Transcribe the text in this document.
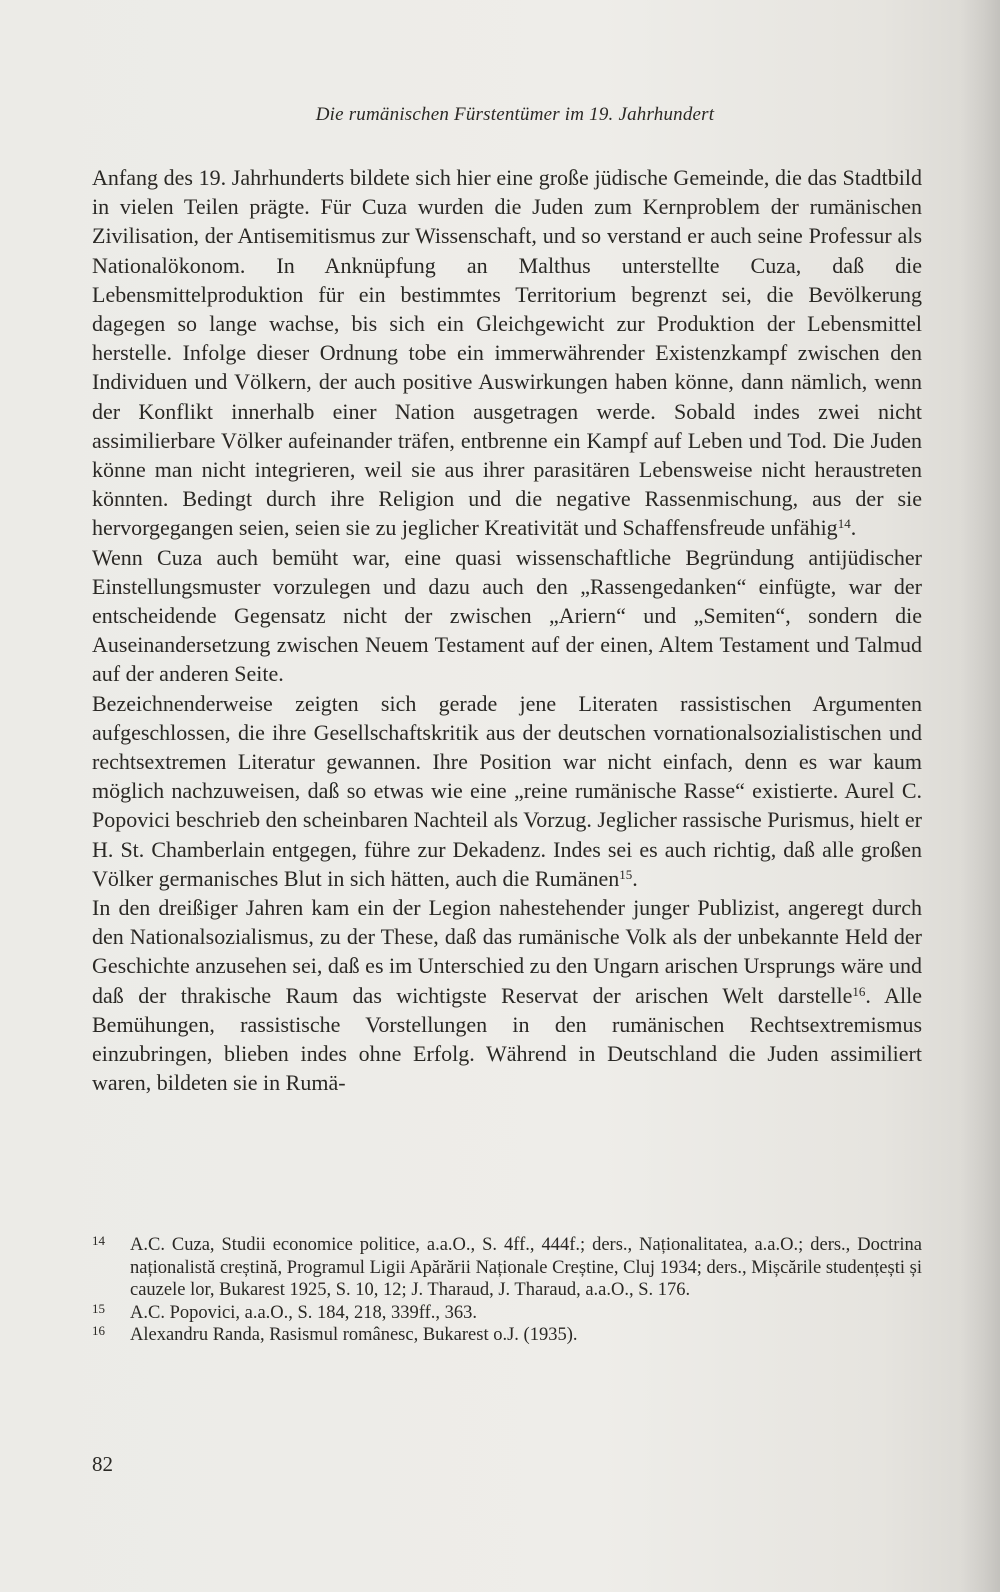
Die rumänischen Fürstentümer im 19. Jahrhundert

Anfang des 19. Jahrhunderts bildete sich hier eine große jüdische Gemeinde, die das Stadtbild in vielen Teilen prägte. Für Cuza wurden die Juden zum Kernproblem der rumänischen Zivilisation, der Antisemitismus zur Wissenschaft, und so verstand er auch seine Professur als Nationalökonom. In Anknüpfung an Malthus unterstellte Cuza, daß die Lebensmittelproduktion für ein bestimmtes Territorium begrenzt sei, die Bevölkerung dagegen so lange wachse, bis sich ein Gleichgewicht zur Produktion der Lebensmittel herstelle. Infolge dieser Ordnung tobe ein immerwährender Existenzkampf zwischen den Individuen und Völkern, der auch positive Auswirkungen haben könne, dann nämlich, wenn der Konflikt innerhalb einer Nation ausgetragen werde. Sobald indes zwei nicht assimilierbare Völker aufeinander träfen, entbrenne ein Kampf auf Leben und Tod. Die Juden könne man nicht integrieren, weil sie aus ihrer parasitären Lebensweise nicht heraustreten könnten. Bedingt durch ihre Religion und die negative Rassenmischung, aus der sie hervorgegangen seien, seien sie zu jeglicher Kreativität und Schaffensfreude unfähig$^{14}$.

Wenn Cuza auch bemüht war, eine quasi wissenschaftliche Begründung antijüdischer Einstellungsmuster vorzulegen und dazu auch den „Rassengedanken“ einfügte, war der entscheidende Gegensatz nicht der zwischen „Ariern“ und „Semiten“, sondern die Auseinandersetzung zwischen Neuem Testament auf der einen, Altem Testament und Talmud auf der anderen Seite.

Bezeichnenderweise zeigten sich gerade jene Literaten rassistischen Argumenten aufgeschlossen, die ihre Gesellschaftskritik aus der deutschen vornationalsozialistischen und rechtsextremen Literatur gewannen. Ihre Position war nicht einfach, denn es war kaum möglich nachzuweisen, daß so etwas wie eine „reine rumänische Rasse“ existierte. Aurel C. Popovici beschrieb den scheinbaren Nachteil als Vorzug. Jeglicher rassische Purismus, hielt er H. St. Chamberlain entgegen, führe zur Dekadenz. Indes sei es auch richtig, daß alle großen Völker germanisches Blut in sich hätten, auch die Rumänen$^{15}$.

In den dreißiger Jahren kam ein der Legion nahestehender junger Publizist, angeregt durch den Nationalsozialismus, zu der These, daß das rumänische Volk als der unbekannte Held der Geschichte anzusehen sei, daß es im Unterschied zu den Ungarn arischen Ursprungs wäre und daß der thrakische Raum das wichtigste Reservat der arischen Welt darstelle$^{16}$. Alle Bemühungen, rassistische Vorstellungen in den rumänischen Rechtsextremismus einzubringen, blieben indes ohne Erfolg. Während in Deutschland die Juden assimiliert waren, bildeten sie in Rumä-

14 A.C. Cuza, Studii economice politice, a.a.O., S. 4ff., 444f.; ders., Naționalitatea, a.a.O.; ders., Doctrina naționalistă creștină, Programul Ligii Apărării Naționale Creștine, Cluj 1934; ders., Mișcările studențești și cauzele lor, Bukarest 1925, S. 10, 12; J. Tharaud, J. Tharaud, a.a.O., S. 176.
15 A.C. Popovici, a.a.O., S. 184, 218, 339ff., 363.
16 Alexandru Randa, Rasismul românesc, Bukarest o.J. (1935).
82
